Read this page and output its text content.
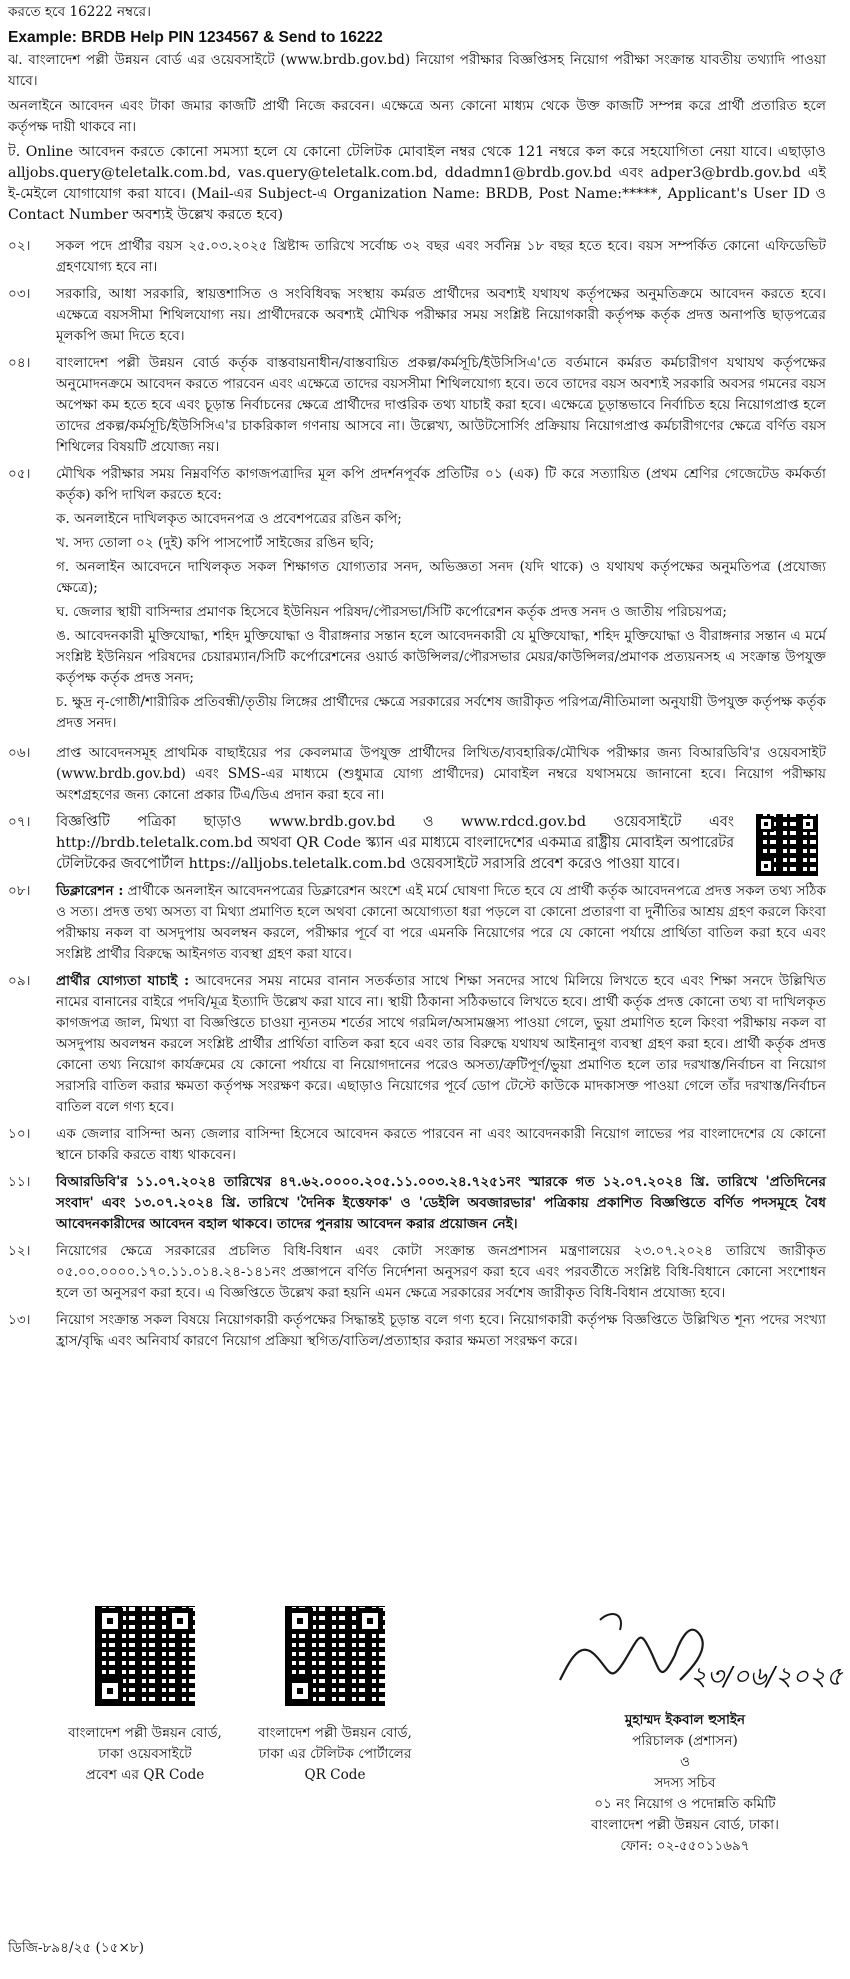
করতে হবে 16222 নম্বরে।

Example: BRDB Help PIN 1234567 & Send to 16222

ঝ. বাংলাদেশ পল্লী উন্নয়ন বোর্ড এর ওয়েবসাইটে (www.brdb.gov.bd) নিয়োগ পরীক্ষার বিজ্ঞপ্তিসহ নিয়োগ পরীক্ষা সংক্রান্ত যাবতীয় তথ্যাদি পাওয়া যাবে।

অনলাইনে আবেদন এবং টাকা জমার কাজটি প্রার্থী নিজে করবেন। এক্ষেত্রে অন্য কোনো মাধ্যম থেকে উক্ত কাজটি সম্পন্ন করে প্রার্থী প্রতারিত হলে কর্তৃপক্ষ দায়ী থাকবে না।

ট. Online আবেদন করতে কোনো সমস্যা হলে যে কোনো টেলিটক মোবাইল নম্বর থেকে 121 নম্বরে কল করে সহযোগিতা নেয়া যাবে। এছাড়াও alljobs.query@teletalk.com.bd, vas.query@teletalk.com.bd, ddadmn1@brdb.gov.bd এবং adper3@brdb.gov.bd এই ই-মেইলে যোগাযোগ করা যাবে। (Mail-এর Subject-এ Organization Name: BRDB, Post Name:*****, Applicant's User ID ও Contact Number অবশ্যই উল্লেখ করতে হবে)

০২।	সকল পদে প্রার্থীর বয়স ২৫.০৩.২০২৫ খ্রিষ্টাব্দ তারিখে সর্বোচ্চ ৩২ বছর এবং সর্বনিম্ন ১৮ বছর হতে হবে। বয়স সম্পর্কিত কোনো এফিডেভিট গ্রহণযোগ্য হবে না।
০৩।	সরকারি, আধা সরকারি, স্বায়ত্তশাসিত ও সংবিধিবদ্ধ সংস্থায় কর্মরত প্রার্থীদের অবশ্যই যথাযথ কর্তৃপক্ষের অনুমতিক্রমে আবেদন করতে হবে। এক্ষেত্রে বয়সসীমা শিথিলযোগ্য নয়। প্রার্থীদেরকে অবশ্যই মৌখিক পরীক্ষার সময় সংশ্লিষ্ট নিয়োগকারী কর্তৃপক্ষ কর্তৃক প্রদত্ত অনাপত্তি ছাড়পত্রের মূলকপি জমা দিতে হবে।
০৪।	বাংলাদেশ পল্লী উন্নয়ন বোর্ড কর্তৃক বাস্তবায়নাধীন/বাস্তবায়িত প্রকল্প/কর্মসূচি/ইউসিসিএ'তে বর্তমানে কর্মরত কর্মচারীগণ যথাযথ কর্তৃপক্ষের অনুমোদনক্রমে আবেদন করতে পারবেন এবং এক্ষেত্রে তাদের বয়সসীমা শিথিলযোগ্য হবে। তবে তাদের বয়স অবশ্যই সরকারি অবসর গমনের বয়স অপেক্ষা কম হতে হবে এবং চূড়ান্ত নির্বাচনের ক্ষেত্রে প্রার্থীদের দাপ্তরিক তথ্য যাচাই করা হবে। এক্ষেত্রে চূড়ান্তভাবে নির্বাচিত হয়ে নিয়োগপ্রাপ্ত হলে তাদের প্রকল্প/কর্মসূচি/ইউসিসিএ'র চাকরিকাল গণনায় আসবে না। উল্লেখ্য, আউটসোর্সিং প্রক্রিয়ায় নিয়োগপ্রাপ্ত কর্মচারীগণের ক্ষেত্রে বর্ণিত বয়স শিথিলের বিষয়টি প্রযোজ্য নয়।
০৫।	মৌখিক পরীক্ষার সময় নিম্নবর্ণিত কাগজপত্রাদির মূল কপি প্রদর্শনপূর্বক প্রতিটির ০১ (এক) টি করে সত্যায়িত (প্রথম শ্রেণির গেজেটেড কর্মকর্তা কর্তৃক) কপি দাখিল করতে হবে:

ক. অনলাইনে দাখিলকৃত আবেদনপত্র ও প্রবেশপত্রের রঙিন কপি;

খ. সদ্য তোলা ০২ (দুই) কপি পাসপোর্ট সাইজের রঙিন ছবি;

গ. অনলাইন আবেদনে দাখিলকৃত সকল শিক্ষাগত যোগ্যতার সনদ, অভিজ্ঞতা সনদ (যদি থাকে) ও যথাযথ কর্তৃপক্ষের অনুমতিপত্র (প্রযোজ্য ক্ষেত্রে);

ঘ. জেলার স্থায়ী বাসিন্দার প্রমাণক হিসেবে ইউনিয়ন পরিষদ/পৌরসভা/সিটি কর্পোরেশন কর্তৃক প্রদত্ত সনদ ও জাতীয় পরিচয়পত্র;

ঙ. আবেদনকারী মুক্তিযোদ্ধা, শহিদ মুক্তিযোদ্ধা ও বীরাঙ্গনার সন্তান হলে আবেদনকারী যে মুক্তিযোদ্ধা, শহিদ মুক্তিযোদ্ধা ও বীরাঙ্গনার সন্তান এ মর্মে সংশ্লিষ্ট ইউনিয়ন পরিষদের চেয়ারম্যান/সিটি কর্পোরেশনের ওয়ার্ড কাউন্সিলর/পৌরসভার মেয়র/কাউন্সিলর/প্রমাণক প্রত্যয়নসহ এ সংক্রান্ত উপযুক্ত কর্তৃপক্ষ কর্তৃক প্রদত্ত সনদ;

চ. ক্ষুদ্র নৃ-গোষ্ঠী/শারীরিক প্রতিবন্ধী/তৃতীয় লিঙ্গের প্রার্থীদের ক্ষেত্রে সরকারের সর্বশেষ জারীকৃত পরিপত্র/নীতিমালা অনুযায়ী উপযুক্ত কর্তৃপক্ষ কর্তৃক প্রদত্ত সনদ।

০৬।	প্রাপ্ত আবেদনসমূহ প্রাথমিক বাছাইয়ের পর কেবলমাত্র উপযুক্ত প্রার্থীদের লিখিত/ব্যবহারিক/মৌখিক পরীক্ষার জন্য বিআরডিবি'র ওয়েবসাইট (www.brdb.gov.bd) এবং SMS-এর মাধ্যমে (শুধুমাত্র যোগ্য প্রার্থীদের) মোবাইল নম্বরে যথাসময়ে জানানো হবে। নিয়োগ পরীক্ষায় অংশগ্রহণের জন্য কোনো প্রকার টিএ/ডিএ প্রদান করা হবে না।
০৭।	বিজ্ঞপ্তিটি পত্রিকা ছাড়াও www.brdb.gov.bd ও www.rdcd.gov.bd ওয়েবসাইটে এবং http://brdb.teletalk.com.bd অথবা QR Code স্ক্যান এর মাধ্যমে বাংলাদেশের একমাত্র রাষ্ট্রীয় মোবাইল অপারেটর টেলিটকের জবপোর্টাল https://alljobs.teletalk.com.bd ওয়েবসাইটে সরাসরি প্রবেশ করেও পাওয়া যাবে।
০৮।	ডিক্লারেশন : প্রার্থীকে অনলাইন আবেদনপত্রের ডিক্লারেশন অংশে এই মর্মে ঘোষণা দিতে হবে যে প্রার্থী কর্তৃক আবেদনপত্রে প্রদত্ত সকল তথ্য সঠিক ও সত্য। প্রদত্ত তথ্য অসত্য বা মিথ্যা প্রমাণিত হলে অথবা কোনো অযোগ্যতা ধরা পড়লে বা কোনো প্রতারণা বা দুর্নীতির আশ্রয় গ্রহণ করলে কিংবা পরীক্ষায় নকল বা অসদুপায় অবলম্বন করলে, পরীক্ষার পূর্বে বা পরে এমনকি নিয়োগের পরে যে কোনো পর্যায়ে প্রার্থিতা বাতিল করা হবে এবং সংশ্লিষ্ট প্রার্থীর বিরুদ্ধে আইনগত ব্যবস্থা গ্রহণ করা যাবে।
০৯।	প্রার্থীর যোগ্যতা যাচাই : আবেদনের সময় নামের বানান সতর্কতার সাথে শিক্ষা সনদের সাথে মিলিয়ে লিখতে হবে এবং শিক্ষা সনদে উল্লিখিত নামের বানানের বাইরে পদবি/মূত্র ইত্যাদি উল্লেখ করা যাবে না। স্থায়ী ঠিকানা সঠিকভাবে লিখতে হবে। প্রার্থী কর্তৃক প্রদত্ত কোনো তথ্য বা দাখিলকৃত কাগজপত্র জাল, মিথ্যা বা বিজ্ঞপ্তিতে চাওয়া ন্যূনতম শর্তের সাথে গরমিল/অসামঞ্জস্য পাওয়া গেলে, ভুয়া প্রমাণিত হলে কিংবা পরীক্ষায় নকল বা অসদুপায় অবলম্বন করলে সংশ্লিষ্ট প্রার্থীর প্রার্থিতা বাতিল করা হবে এবং তার বিরুদ্ধে যথাযথ আইনানুগ ব্যবস্থা গ্রহণ করা হবে। প্রার্থী কর্তৃক প্রদত্ত কোনো তথ্য নিয়োগ কার্যক্রমের যে কোনো পর্যায়ে বা নিয়োগদানের পরেও অসত্য/ত্রুটিপূর্ণ/ভুয়া প্রমাণিত হলে তার দরখাস্ত/নির্বাচন বা নিয়োগ সরাসরি বাতিল করার ক্ষমতা কর্তৃপক্ষ সংরক্ষণ করে। এছাড়াও নিয়োগের পূর্বে ডোপ টেস্টে কাউকে মাদকাসক্ত পাওয়া গেলে তাঁর দরখাস্ত/নির্বাচন বাতিল বলে গণ্য হবে।
১০।	এক জেলার বাসিন্দা অন্য জেলার বাসিন্দা হিসেবে আবেদন করতে পারবেন না এবং আবেদনকারী নিয়োগ লাভের পর বাংলাদেশের যে কোনো স্থানে চাকরি করতে বাধ্য থাকবেন।
১১।	বিআরডিবি'র ১১.০৭.২০২৪ তারিখের ৪৭.৬২.০০০০.২০৫.১১.০০৩.২৪.৭২৫১নং স্মারকে গত ১২.০৭.২০২৪ খ্রি. তারিখে 'প্রতিদিনের সংবাদ' এবং ১৩.০৭.২০২৪ খ্রি. তারিখে 'দৈনিক ইত্তেফাক' ও 'ডেইলি অবজারভার' পত্রিকায় প্রকাশিত বিজ্ঞপ্তিতে বর্ণিত পদসমূহে বৈধ আবেদনকারীদের আবেদন বহাল থাকবে। তাদের পুনরায় আবেদন করার প্রয়োজন নেই।
১২।	নিয়োগের ক্ষেত্রে সরকারের প্রচলিত বিধি-বিধান এবং কোটা সংক্রান্ত জনপ্রশাসন মন্ত্রণালয়ের ২৩.০৭.২০২৪ তারিখে জারীকৃত ০৫.০০.০০০০.১৭০.১১.০১৪.২৪-১৪১নং প্রজ্ঞাপনে বর্ণিত নির্দেশনা অনুসরণ করা হবে এবং পরবর্তীতে সংশ্লিষ্ট বিধি-বিধানে কোনো সংশোধন হলে তা অনুসরণ করা হবে। এ বিজ্ঞপ্তিতে উল্লেখ করা হয়নি এমন ক্ষেত্রে সরকারের সর্বশেষ জারীকৃত বিধি-বিধান প্রযোজ্য হবে।
১৩।	নিয়োগ সংক্রান্ত সকল বিষয়ে নিয়োগকারী কর্তৃপক্ষের সিদ্ধান্তই চূড়ান্ত বলে গণ্য হবে। নিয়োগকারী কর্তৃপক্ষ বিজ্ঞপ্তিতে উল্লিখিত শূন্য পদের সংখ্যা হ্রাস/বৃদ্ধি এবং অনিবার্য কারণে নিয়োগ প্রক্রিয়া স্থগিত/বাতিল/প্রত্যাহার করার ক্ষমতা সংরক্ষণ করে।
বাংলাদেশ পল্লী উন্নয়ন বোর্ড,
ঢাকা ওয়েবসাইটে
প্রবেশ এর QR Code
বাংলাদেশ পল্লী উন্নয়ন বোর্ড,
ঢাকা এর টেলিটক পোর্টালের
QR Code
২৩/০৬/২০২৫
মুহাম্মদ ইকবাল হুসাইন
পরিচালক (প্রশাসন)
ও
সদস্য সচিব
০১ নং নিয়োগ ও পদোন্নতি কমিটি
বাংলাদেশ পল্লী উন্নয়ন বোর্ড, ঢাকা।
ফোন: ০২-৫৫০১১৬৯৭
ডিজি-৮৯৪/২৫ (১৫×৮)
